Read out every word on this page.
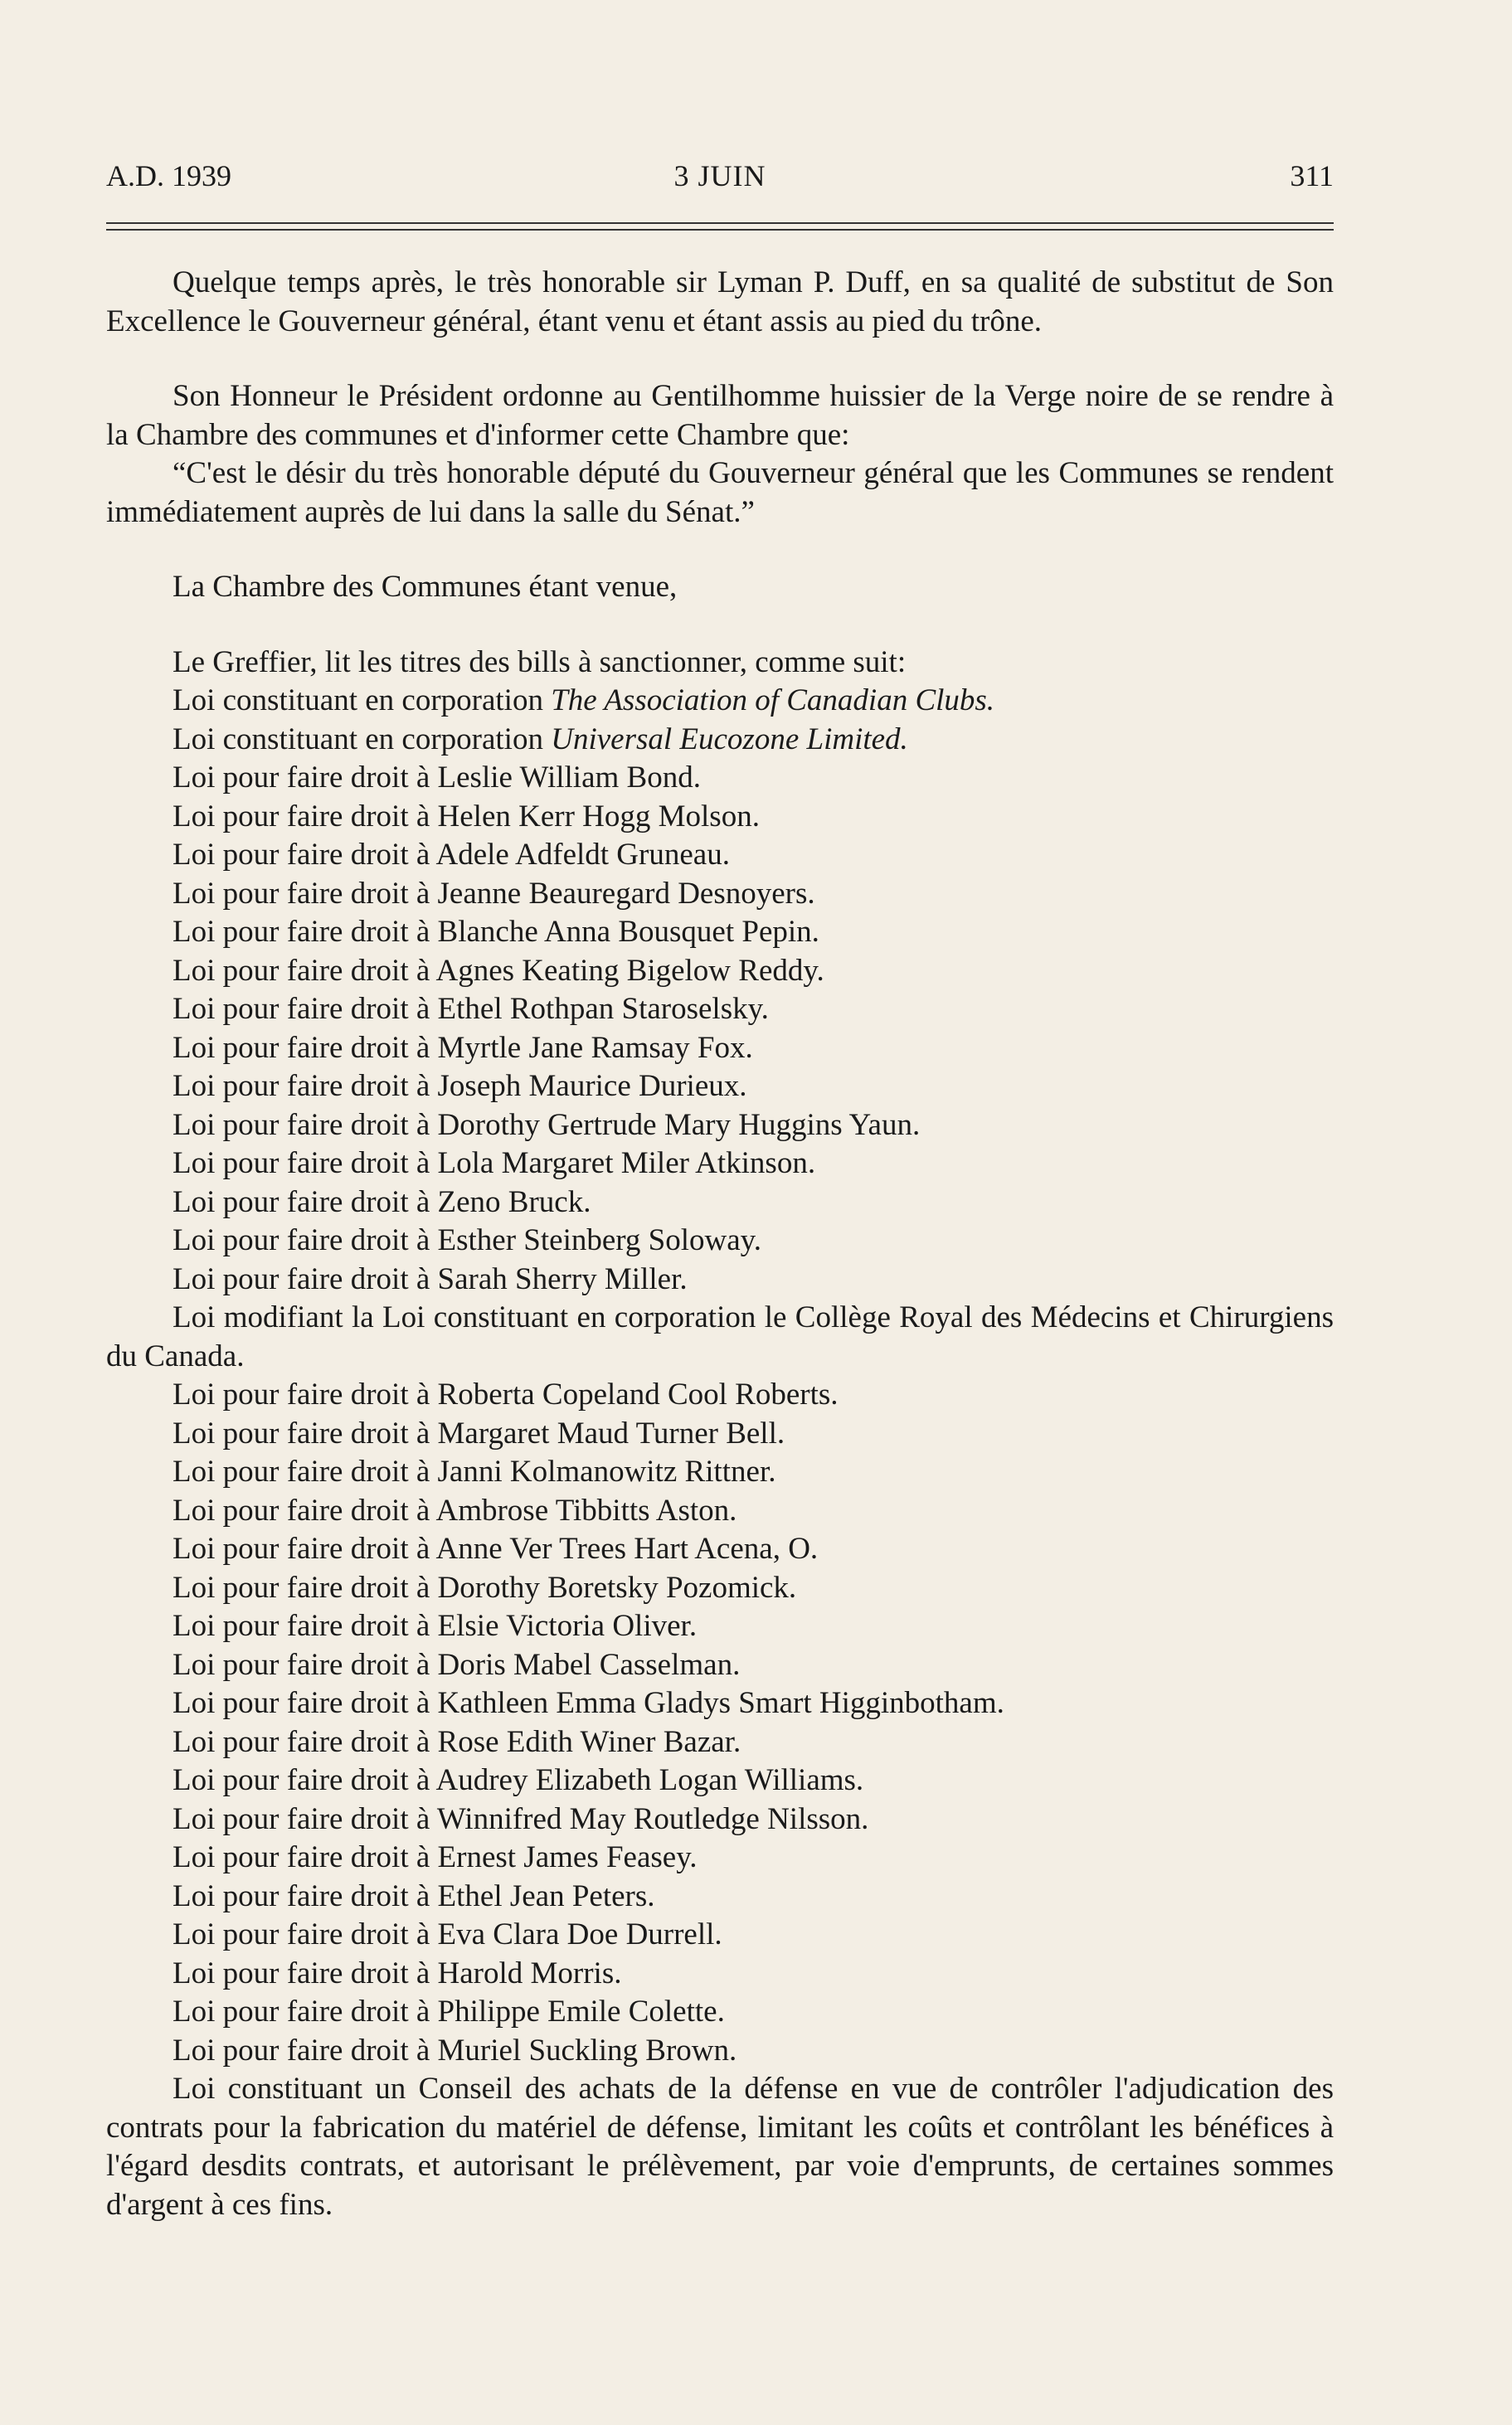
A.D. 1939	3 JUIN	311

Quelque temps après, le très honorable sir Lyman P. Duff, en sa qualité de substitut de Son Excellence le Gouverneur général, étant venu et étant assis au pied du trône.

Son Honneur le Président ordonne au Gentilhomme huissier de la Verge noire de se rendre à la Chambre des communes et d'informer cette Chambre que:

“C'est le désir du très honorable député du Gouverneur général que les Communes se rendent immédiatement auprès de lui dans la salle du Sénat.”

La Chambre des Communes étant venue,

Le Greffier, lit les titres des bills à sanctionner, comme suit:

Loi constituant en corporation The Association of Canadian Clubs.

Loi constituant en corporation Universal Eucozone Limited.

Loi pour faire droit à Leslie William Bond.

Loi pour faire droit à Helen Kerr Hogg Molson.

Loi pour faire droit à Adele Adfeldt Gruneau.

Loi pour faire droit à Jeanne Beauregard Desnoyers.

Loi pour faire droit à Blanche Anna Bousquet Pepin.

Loi pour faire droit à Agnes Keating Bigelow Reddy.

Loi pour faire droit à Ethel Rothpan Staroselsky.

Loi pour faire droit à Myrtle Jane Ramsay Fox.

Loi pour faire droit à Joseph Maurice Durieux.

Loi pour faire droit à Dorothy Gertrude Mary Huggins Yaun.

Loi pour faire droit à Lola Margaret Miler Atkinson.

Loi pour faire droit à Zeno Bruck.

Loi pour faire droit à Esther Steinberg Soloway.

Loi pour faire droit à Sarah Sherry Miller.

Loi modifiant la Loi constituant en corporation le Collège Royal des Médecins et Chirurgiens du Canada.

Loi pour faire droit à Roberta Copeland Cool Roberts.

Loi pour faire droit à Margaret Maud Turner Bell.

Loi pour faire droit à Janni Kolmanowitz Rittner.

Loi pour faire droit à Ambrose Tibbitts Aston.

Loi pour faire droit à Anne Ver Trees Hart Acena, O.

Loi pour faire droit à Dorothy Boretsky Pozomick.

Loi pour faire droit à Elsie Victoria Oliver.

Loi pour faire droit à Doris Mabel Casselman.

Loi pour faire droit à Kathleen Emma Gladys Smart Higginbotham.

Loi pour faire droit à Rose Edith Winer Bazar.

Loi pour faire droit à Audrey Elizabeth Logan Williams.

Loi pour faire droit à Winnifred May Routledge Nilsson.

Loi pour faire droit à Ernest James Feasey.

Loi pour faire droit à Ethel Jean Peters.

Loi pour faire droit à Eva Clara Doe Durrell.

Loi pour faire droit à Harold Morris.

Loi pour faire droit à Philippe Emile Colette.

Loi pour faire droit à Muriel Suckling Brown.

Loi constituant un Conseil des achats de la défense en vue de contrôler l'adjudication des contrats pour la fabrication du matériel de défense, limitant les coûts et contrôlant les bénéfices à l'égard desdits contrats, et autorisant le prélèvement, par voie d'emprunts, de certaines sommes d'argent à ces fins.
